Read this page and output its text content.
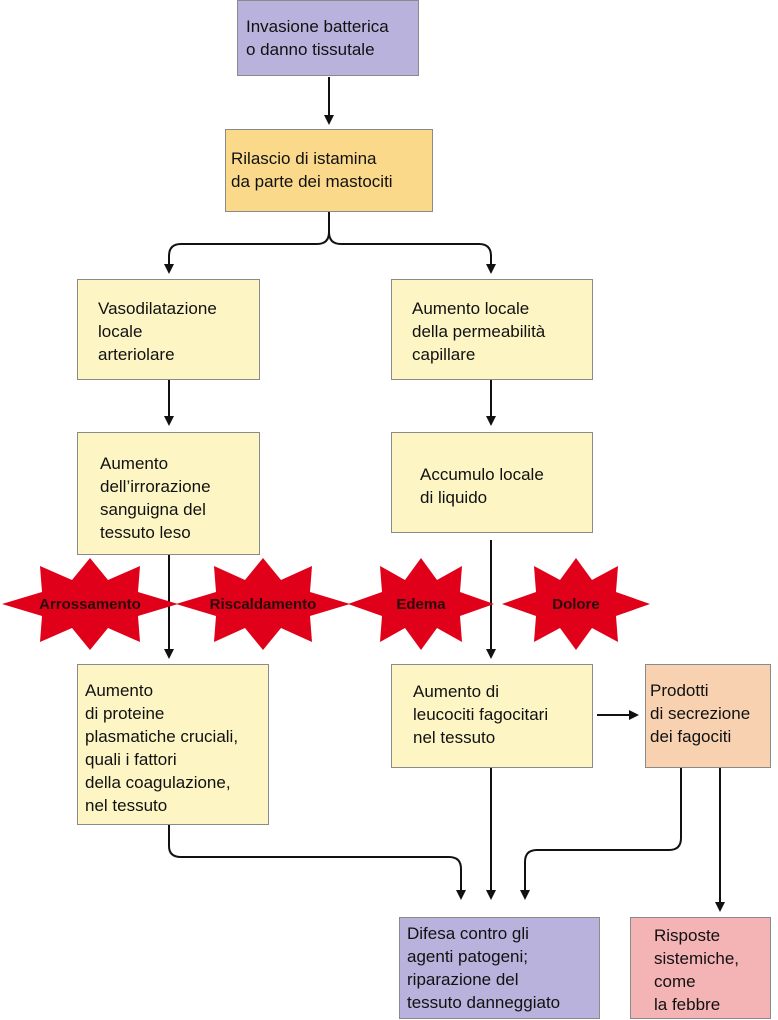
Invasione batterica
o danno tissutale
Rilascio di istamina
da parte dei mastociti
Vasodilatazione
locale
arteriolare
Aumento locale
della permeabilità
capillare
Aumento
dell’irrorazione
sanguigna del
tessuto leso
Accumulo locale
di liquido
Aumento
di proteine
plasmatiche cruciali,
quali i fattori
della coagulazione,
nel tessuto
Aumento di
leucociti fagocitari
nel tessuto
Prodotti
di secrezione
dei fagociti
Difesa contro gli
agenti patogeni;
riparazione del
tessuto danneggiato
Risposte
sistemiche,
come
la febbre
Arrossamento	Riscaldamento	Edema	Dolore
